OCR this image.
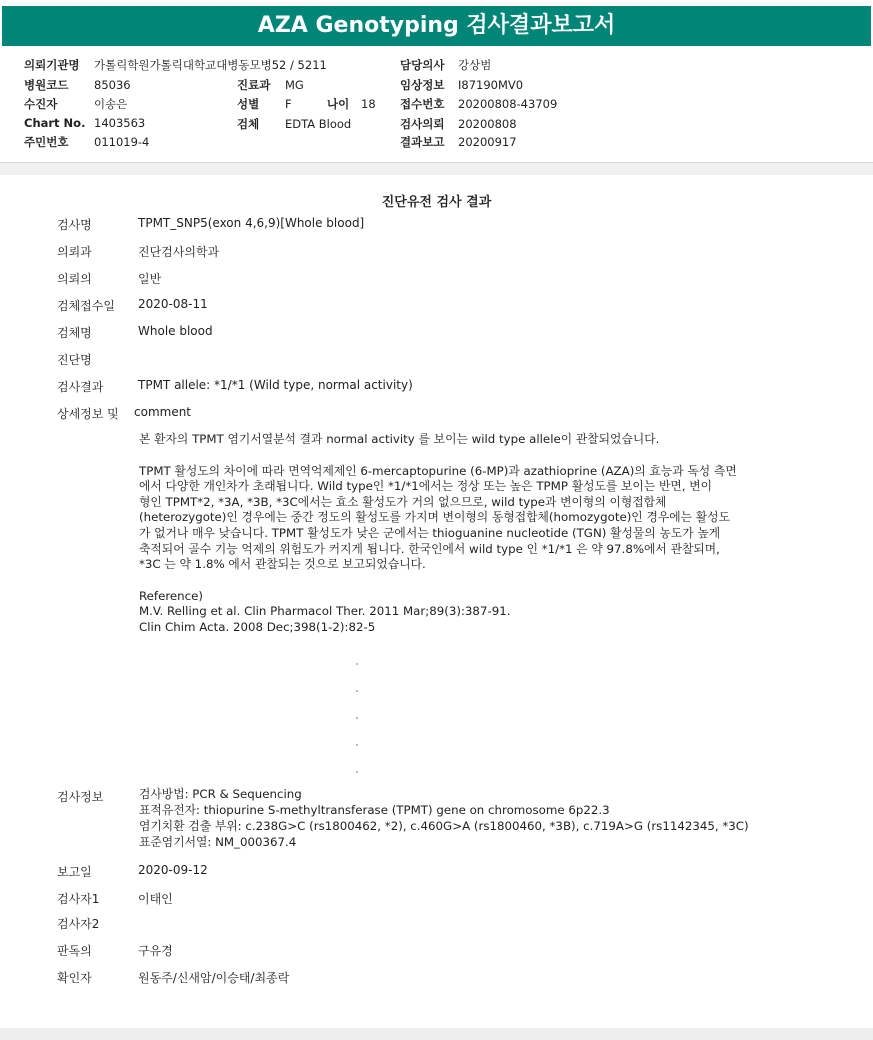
AZA Genotyping 검사결과보고서
의뢰기관명 가톨릭학원가톨릭대학교대병동모병52 / 5211
병원코드 85036
수진자	이송은
Chart No. 1403563
주민번호 011019-4
진료과 MG
성별 F	나이 18
검체 EDTA Blood
담당의사 강상범
임상정보 I87190MV0
접수번호 20200808-43709
검사의뢰 20200808
결과보고 20200917
진단유전 검사 결과
검사명	TPMT_SNP5(exon 4,6,9)[Whole blood]
의뢰과	진단검사의학과
의뢰의	일반
검체접수일 2020-08-11
검체명	Whole blood
진단명
검사결과	TPMT allele: *1/*1 (Wild type, normal activity)
상세정보 및 comment

본 환자의 TPMT 염기서열분석 결과 normal activity 를 보이는 wild type allele이 관찰되었습니다.

TPMT 활성도의 차이에 따라 면역억제제인 6-mercaptopurine (6-MP)과 azathioprine (AZA)의 효능과 독성 측면
에서 다양한 개인차가 초래됩니다. Wild type인 *1/*1에서는 정상 또는 높은 TPMP 활성도를 보이는 반면, 변이
형인 TPMT*2, *3A, *3B, *3C에서는 효소 활성도가 거의 없으므로, wild type과 변이형의 이형접합체
(heterozygote)인 경우에는 중간 정도의 활성도를 가지며 변이형의 동형접합체(homozygote)인 경우에는 활성도
가 없거나 매우 낮습니다. TPMT 활성도가 낮은 군에서는 thioguanine nucleotide (TGN) 활성물의 농도가 높게
축적되어 골수 기능 억제의 위험도가 커지게 됩니다. 한국인에서 wild type 인 *1/*1 은 약 97.8%에서 관찰되며,
*3C 는 약 1.8% 에서 관찰되는 것으로 보고되었습니다.

Reference)
M.V. Relling et al. Clin Pharmacol Ther. 2011 Mar;89(3):387-91.
Clin Chim Acta. 2008 Dec;398(1-2):82-5

검사정보	검사방법: PCR & Sequencing
표적유전자: thiopurine S-methyltransferase (TPMT) gene on chromosome 6p22.3
염기치환 검출 부위: c.238G>C (rs1800462, *2), c.460G>A (rs1800460, *3B), c.719A>G (rs1142345, *3C)
표준염기서열: NM_000367.4
보고일	2020-09-12
검사자1	이태인
검사자2
판독의	구유경
확인자	원동주/신새암/이승태/최종락
